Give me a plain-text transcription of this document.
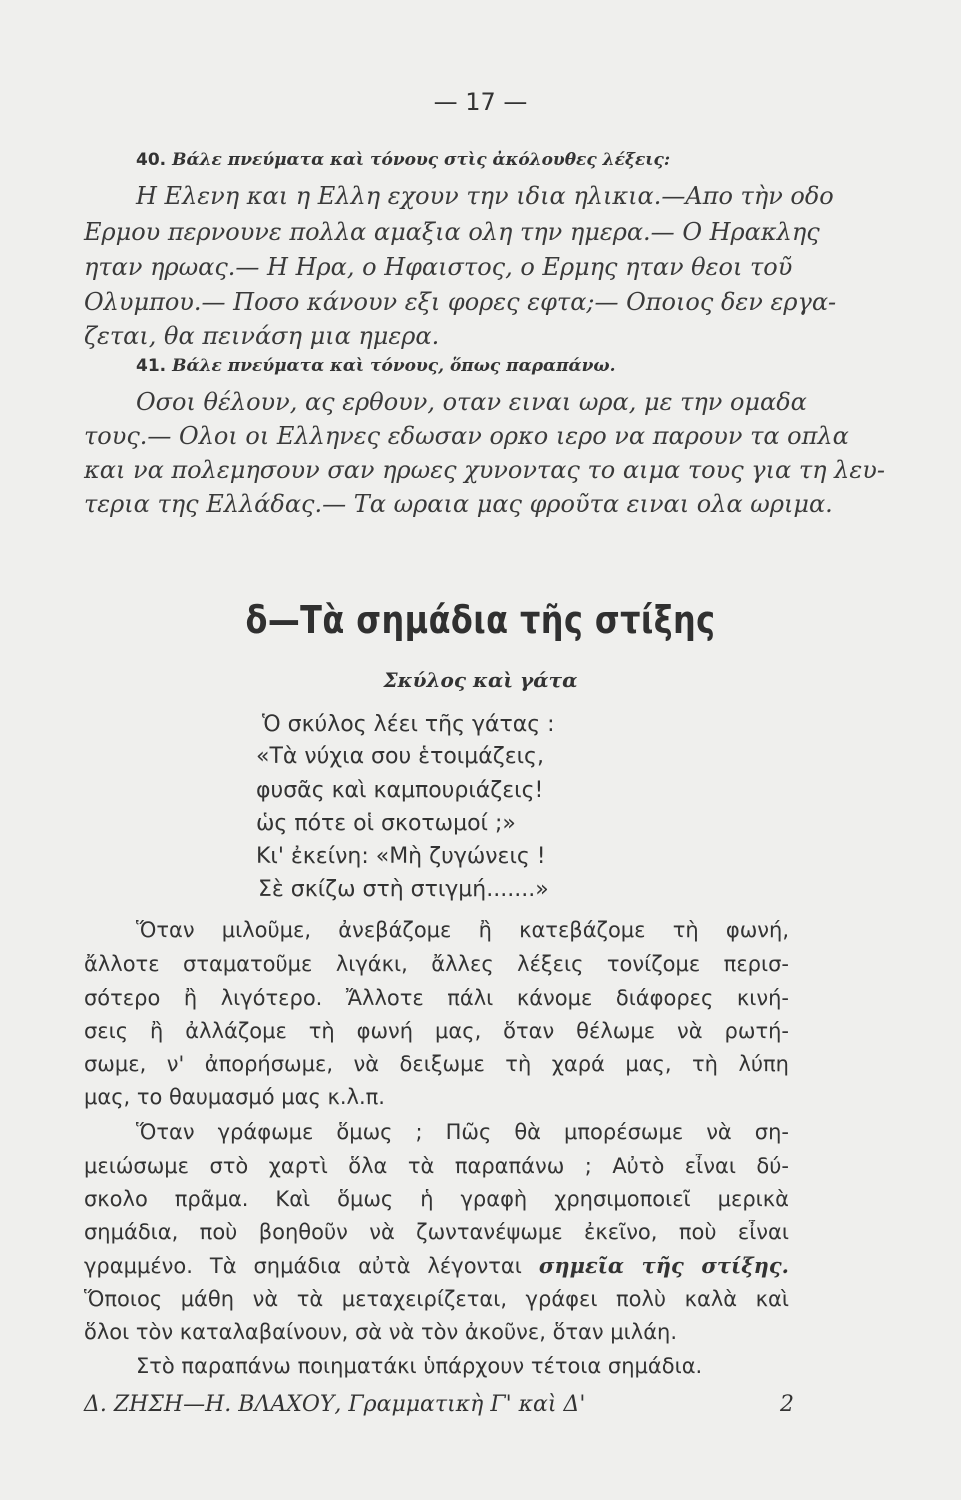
— 17 —
40. Βάλε πνεύματα καὶ τόνους στὶς ἀκόλουθες λέξεις:
Η Ελενη και η Ελλη εχουν την ιδια ηλικια.—Απο τὴν οδο
Ερμου περνουνε πολλα αμαξια ολη την ημερα.— Ο Ηρακλης
ηταν ηρωας.— Η Ηρα, ο Ηφαιστος, ο Ερμης ηταν θεοι τοῦ
Ολυμπου.— Ποσο κάνουν εξι φορες εφτα;— Οποιος δεν εργα-
ζεται, θα πεινάση μια ημερα.
41. Βάλε πνεύματα καὶ τόνους, ὅπως παραπάνω.
Οσοι θέλουν, ας ερθουν, οταν ειναι ωρα, με την ομαδα
τους.— Ολοι οι Ελληνες εδωσαν ορκο ιερο να παρουν τα οπλα
και να πολεμησουν σαν ηρωες χυνοντας το αιμα τους για τη λευ-
τερια της Ελλάδας.— Τα ωραια μας φροῦτα ειναι ολα ωριμα.
δ—Τὰ σημάδια τῆς στίξης
Σκύλος καὶ γάτα
Ὁ σκύλος λέει τῆς γάτας :
«Τὰ νύχια σου ἑτοιμάζεις,
φυσᾶς καὶ καμπουριάζεις!
ὡς πότε οἱ σκοτωμοί ;»
Κι' ἐκείνη: «Μὴ ζυγώνεις !
Σὲ σκίζω στὴ στιγμή.......»
Ὅταν μιλοῦμε, ἀνεβάζομε ἢ κατεβάζομε τὴ φωνή,
ἄλλοτε σταματοῦμε λιγάκι, ἄλλες λέξεις τονίζομε περισ-
σότερο ἢ λιγότερο. Ἄλλοτε πάλι κάνομε διάφορες κινή-
σεις ἢ ἀλλάζομε τὴ φωνή μας, ὅταν θέλωμε νὰ ρωτή-
σωμε, ν' ἀπορήσωμε, νὰ δειξωμε τὴ χαρά μας, τὴ λύπη
μας, το θαυμασμό μας κ.λ.π.
Ὅταν γράφωμε ὅμως ; Πῶς θὰ μπορέσωμε νὰ ση-
μειώσωμε στὸ χαρτὶ ὅλα τὰ παραπάνω ; Αὐτὸ εἶναι δύ-
σκολο πρᾶμα. Καὶ ὅμως ἡ γραφὴ χρησιμοποιεῖ μερικὰ
σημάδια, ποὺ βοηθοῦν νὰ ζωντανέψωμε ἐκεῖνο, ποὺ εἶναι
γραμμένο. Τὰ σημάδια αὐτὰ λέγονται σημεῖα τῆς στίξης.
Ὅποιος μάθη νὰ τὰ μεταχειρίζεται, γράφει πολὺ καλὰ καὶ
ὅλοι τὸν καταλαβαίνουν, σὰ νὰ τὸν ἀκοῦνε, ὅταν μιλάη.
Στὸ παραπάνω ποιηματάκι ὑπάρχουν τέτοια σημάδια.
Δ. ΖΗΣΗ—Η. ΒΛΑΧΟΥ, Γραμματικὴ Γ' καὶ Δ'	2
